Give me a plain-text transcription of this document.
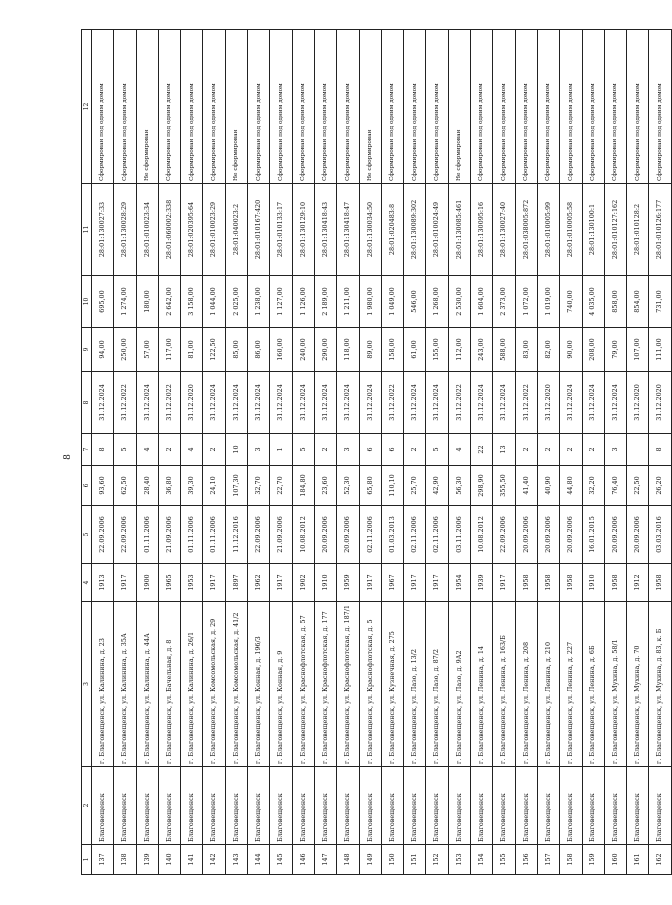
8
1	2	3	4	5	6	7	8	9	10	11	12
137	Благовещенск	г. Благовещенск, ул. Калинина, д. 23	1913	22.09.2006	93,60	8	31.12.2024	94,00	695,00	28:01:130027:33	Сформирован под одним домом
138	Благовещенск	г. Благовещенск, ул. Калинина, д. 35А	1917	22.09.2006	62,50	5	31.12.2022	250,00	1 274,00	28:01:130028:29	Сформирован под одним домом
139	Благовещенск	г. Благовещенск, ул. Калинина, д. 44А	1900	01.11.2006	28,40	4	31.12.2024	57,00	180,00	28:01:010023:34	Не сформирован
140	Благовещенск	г. Благовещенск, ул. Бачельная, д. 8	1965	21.09.2006	36,80	2	31.12.2022	117,00	2 642,00	28:01:060002:338	Сформирован под одним домом
141	Благовещенск	г. Благовещенск, ул. Калинина, д. 26/1	1953	01.11.2006	39,30	4	31.12.2020	81,00	3 158,00	28:01:020395:64	Сформирован под одним домом
142	Благовещенск	г. Благовещенск, ул. Комсомольская, д. 29	1917	01.11.2006	24,10	2	31.12.2024	122,50	1 044,00	28:01:010023:29	Сформирован под одним домом
143	Благовещенск	г. Благовещенск, ул. Комсомольская, д. 41/2	1897	11.12.2016	107,30	10	31.12.2024	85,00	2 025,00	28:01:040023:2	Не сформирован
144	Благовещенск	г. Благовещенск, ул. Конная, д. 196/3	1962	22.09.2006	32,70	3	31.12.2024	86,00	1 238,00	28:01:010167:420	Сформирован под одним домом
145	Благовещенск	г. Благовещенск, ул. Конная, д. 9	1917	21.09.2006	22,70	1	31.12.2024	160,00	1 127,00	28:01:010133:17	Сформирован под одним домом
146	Благовещенск	г. Благовещенск, ул. Краснофлотская, д. 57	1902	10.08.2012	184,80	5	31.12.2024	240,00	1 126,00	28:01:130129:10	Сформирован под одним домом
147	Благовещенск	г. Благовещенск, ул. Краснофлотская, д. 177	1910	20.09.2006	23,60	2	31.12.2024	290,00	2 189,00	28:01:130418:43	Сформирован под одним домом
148	Благовещенск	г. Благовещенск, ул. Краснофлотская, д. 187/1	1959	20.09.2006	52,30	3	31.12.2024	118,00	1 211,00	28:01:130418:47	Сформирован под одним домом
149	Благовещенск	г. Благовещенск, ул. Краснофлотская, д. 5	1917	02.11.2006	65,80	6	31.12.2024	89,00	1 980,00	28:01:130034:50	Не сформирован
150	Благовещенск	г. Благовещенск, ул. Кузнечная, д. 275	1967	01.03.2013	110,10	6	31.12.2022	158,00	1 049,00	28:01:020483:8	Сформирован под одним домом
151	Благовещенск	г. Благовещенск, ул. Лазо, д. 13/2	1917	02.11.2006	25,70	2	31.12.2024	61,00	546,00	28:01:130089:302	Сформирован под одним домом
152	Благовещенск	г. Благовещенск, ул. Лазо, д. 87/2	1917	02.11.2006	42,90	5	31.12.2024	155,00	1 268,00	28:01:010024:49	Сформирован под одним домом
153	Благовещенск	г. Благовещенск, ул. Лазо, д. 9А2	1954	03.11.2006	56,30	4	31.12.2022	112,00	2 530,00	28:01:130085:461	Не сформирован
154	Благовещенск	г. Благовещенск, ул. Ленина, д. 14	1939	10.08.2012	298,90	22	31.12.2024	243,00	1 604,00	28:01:130095:16	Сформирован под одним домом
155	Благовещенск	г. Благовещенск, ул. Ленина, д. 163/Б	1917	22.09.2006	355,50	13	31.12.2024	588,00	2 373,00	28:01:130027:40	Сформирован под одним домом
156	Благовещенск	г. Благовещенск, ул. Ленина, д. 208	1958	20.09.2006	41,40	2	31.12.2022	83,00	1 072,00	28:01:038005:872	Сформирован под одним домом
157	Благовещенск	г. Благовещенск, ул. Ленина, д. 210	1958	20.09.2006	40,90	2	31.12.2020	82,00	1 019,00	28:01:010005:99	Сформирован под одним домом
158	Благовещенск	г. Благовещенск, ул. Ленина, д. 227	1958	20.09.2006	44,80	2	31.12.2024	90,00	740,00	28:01:010005:58	Сформирован под одним домом
159	Благовещенск	г. Благовещенск, ул. Ленина, д. 6Б	1910	16.01.2015	32,20	2	31.12.2024	208,00	4 035,00	28:01:130100:1	Сформирован под одним домом
160	Благовещенск	г. Благовещенск, ул. Мухина, д. 58/1	1958	20.09.2006	76,40	3	31.12.2024	79,00	858,00	28:01:010127:162	Сформирован под одним домом
161	Благовещенск	г. Благовещенск, ул. Мухина, д. 70	1912	20.09.2006	22,50		31.12.2020	107,00	854,00	28:01:010128:2	Сформирован под одним домом
162	Благовещенск	г. Благовещенск, ул. Мухина, д. 83, к. Б	1958	03.03.2016	26,20	8	31.12.2020	111,00	731,00	28:01:010126:177	Сформирован под одним домом
